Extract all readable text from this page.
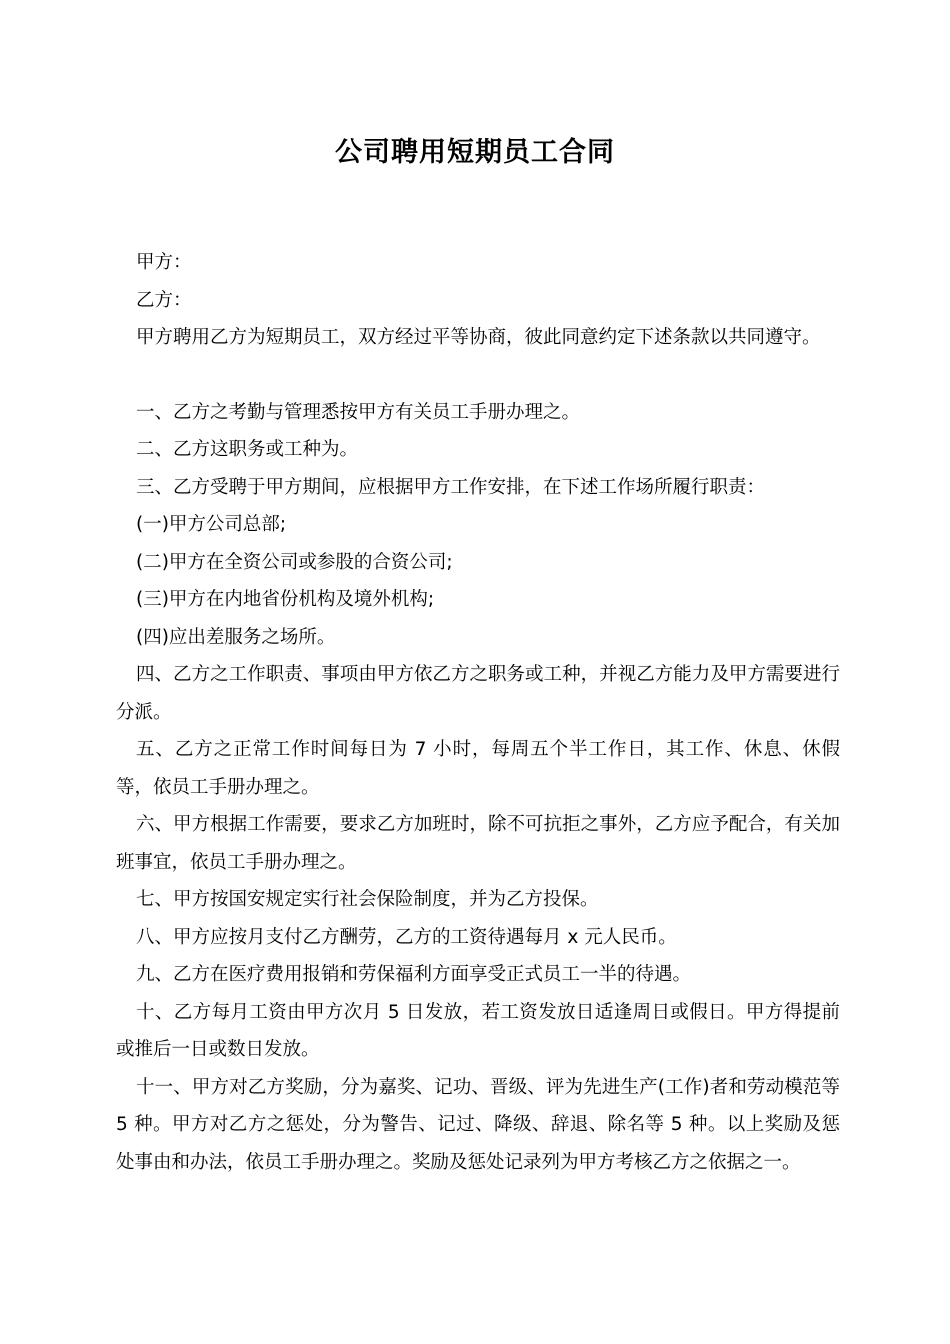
公司聘用短期员工合同

甲方：

乙方：

甲方聘用乙方为短期员工，双方经过平等协商，彼此同意约定下述条款以共同遵守。

一、乙方之考勤与管理悉按甲方有关员工手册办理之。

二、乙方这职务或工种为。

三、乙方受聘于甲方期间，应根据甲方工作安排，在下述工作场所履行职责：

(一)甲方公司总部;

(二)甲方在全资公司或参股的合资公司;

(三)甲方在内地省份机构及境外机构;

(四)应出差服务之场所。

四、乙方之工作职责、事项由甲方依乙方之职务或工种，并视乙方能力及甲方需要进行分派。

五、乙方之正常工作时间每日为 7 小时，每周五个半工作日，其工作、休息、休假等，依员工手册办理之。

六、甲方根据工作需要，要求乙方加班时，除不可抗拒之事外，乙方应予配合，有关加班事宜，依员工手册办理之。

七、甲方按国安规定实行社会保险制度，并为乙方投保。

八、甲方应按月支付乙方酬劳，乙方的工资待遇每月 x 元人民币。

九、乙方在医疗费用报销和劳保福利方面享受正式员工一半的待遇。

十、乙方每月工资由甲方次月 5 日发放，若工资发放日适逢周日或假日。甲方得提前或推后一日或数日发放。

十一、甲方对乙方奖励，分为嘉奖、记功、晋级、评为先进生产(工作)者和劳动模范等 5 种。甲方对乙方之惩处，分为警告、记过、降级、辞退、除名等 5 种。以上奖励及惩处事由和办法，依员工手册办理之。奖励及惩处记录列为甲方考核乙方之依据之一。
